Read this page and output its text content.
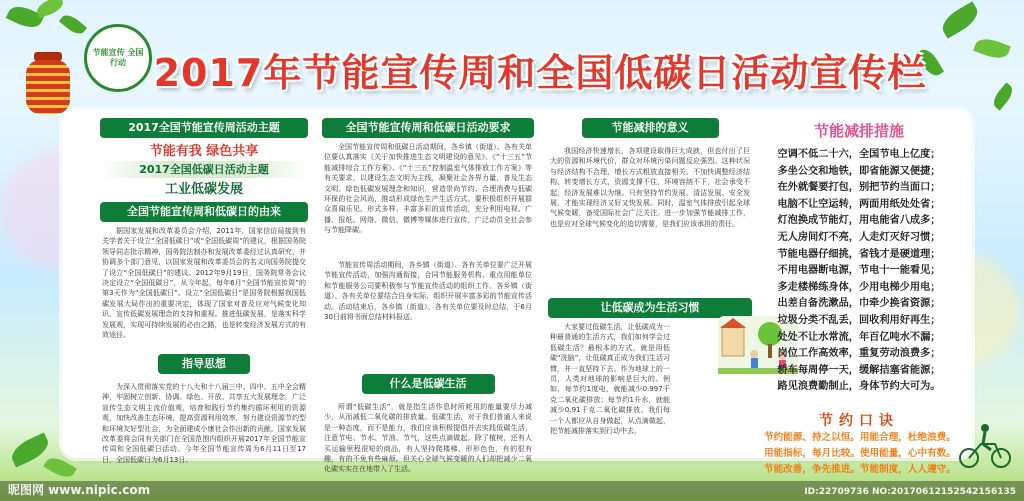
节能宣传 全国行动 2017年节能宣传周和全国低碳日活动宣传栏
2017全国节能宣传周活动主题
节能有我 绿色共享
2017全国低碳日活动主题
工业低碳发展
全国节能宣传周和低碳日的由来
据国家发展和改革委员会介绍，2011年，国家信访局接到有关学者关于设立“全国低碳日”或“全国低碳周”的建议，根据国务院领导同志批示精神，国务院法制办和发展改革委经过认真研究，并协调多个部门意见，以国家发展和改革委员会的名义向国务院提交了设立“全国低碳日”的建议。2012年9月19日，国务院常务会议决定设立“全国低碳日”，从今年起，每年6月“全国节能宣传周”的第3天作为“全国低碳日”。设立“全国低碳日”是国务院根据我国低碳发展大局作出的重要决定，体现了国家对普及应对气候变化知识，宣传低碳发展理念的支持和重视。推进低碳发展，是落实科学发展观，实现可持续发展的必由之路，也是转变经济发展方式的有效途径。
指导思想
为深入贯彻落实党的十八大和十八届三中、四中、五中全会精神，牢固树立创新、协调、绿色、开放、共享五大发展理念，广泛宣传生态文明主流价值观，培育和践行节约集约循环利用的资源观，加快改善生态环境，提高资源利用效率，努力建设资源节约型和环境友好型社会，为全面建成小康社会作出新的贡献。国家发展改革委将会同有关部门在全国范围内组织开展2017年全国节能宣传周和全国低碳日活动。今年全国节能宣传周为6月11日至17日，全国低碳日为6月13日。
全国节能宣传周和低碳日活动要求
全国节能宣传周和低碳日活动期间，各乡镇（街道）、各有关单位要认真落实《关于加快推进生态文明建设的意见》、《“十三五”节能减排综合工作方案》、《“十三五”控制温室气体排放工作方案》等有关要求，以建设生态文明为主线，凝聚社会各界力量，普及生态文明、绿色低碳发展理念和知识，营造崇尚节约、合理消费与低碳环保的社会风尚，推动形成绿色生产生活方式。要积极组织开展群众喜闻乐见、形式多样、丰富多彩的宣传活动，充分利用电视、广播、报纸、网络、微信、微博等媒体进行宣传，广泛动员全社会参与节能降碳。
节能宣传周活动期间，各乡镇（街道）、各有关单位要广泛开展节能宣传活动，加强沟通衔接，合同节能服务机构、重点用能单位和节能服务公司要积极参与节能宣传活动的组织工作。各乡镇（街道）、各有关单位要结合自身实际，组织开展丰富多彩的节能宣传活动。活动结束后，各乡镇（街道）、各有关单位要及时总结，于6月30日前将书面总结材料报送。
什么是低碳生活
所谓“低碳生活”，就是指生活作息时所耗用的能量要尽力减少，从而减低二氧化碳的排放量。低碳生活，对于我们普通人来说是一种态度，而不是能力，我们应该积极提倡并去实践低碳生活，注意节电、节水、节油、节气，这些点滴做起。除了植树，还有人买运输里程很短的商品，有人坚持爬楼梯，形形色色，有的很有趣，有的不免有些麻烦。但关心全球气候变暖的人们却把减少二氧化碳实实在在地带入了生活。
节能减排的意义
我国经济快速增长，各项建设取得巨大成就，但也付出了巨大的资源和环境代价，群众对环境污染问题反应强烈。这种状况与经济结构不合理、增长方式粗放直接相关。不加快调整经济结构、转变增长方式，资源支撑不住，环境容纳不下，社会承受不起，经济发展难以为继。只有坚持节约发展、清洁发展、安全发展，才能实现经济又好又快发展。同时，温室气体排放引起全球气候变暖，备受国际社会广泛关注。进一步加强节能减排工作，也是应对全球气候变化的迫切需要，是我们应该承担的责任。
让低碳成为生活习惯
大家要过低碳生活，让低碳成为一种最普通的生活方式，我们如何学会过低碳生活？最根本的方式，就是用低碳“洗脑”，让低碳真正成为我们生活习惯，并一直坚持下去。作为地球上的一员，人类对地球的影响是巨大的。例如，每节约1度电，就能减少0.997千克二氧化碳排放；每节约1升水，就能减少0.91千克二氧化碳排放。我们每一个人都应从自身做起，从点滴做起，把节能减排落实到行动中去。
节能减排措施
空调不低二十六，全国节电上亿度；
多坐公交和地铁，即省能源又便捷；
在外就餐要打包，别把节约当面口；
电脑不让空运转，两面用纸处处省；
灯泡换成节能灯，用电能省八成多；
无人房间灯不亮，人走灯灭好习惯；
节能电器仔细挑，省钱才是硬道理；
不用电器断电源，节电十一能看见；
多走楼梯练身体，少用电梯少用电；
出差自备洗漱品，巾牵少换省资源；
垃圾分类不乱丢，回收利用好再生；
处处不让水常流，年百亿吨水不漏；
岗位工作高效率，重复劳动浪费多；
轿车每周停一天，缓解拮塞省能源；
路见浪费勤制止，身体节约大可为。
节约口诀
节约能源、持之以恒。用能合理，杜绝浪费。
用能指标，每月比较。使用能量，心中有数。
节能改善，争先推进。节能制度，人人遵守。
昵图网 www.nipic.com	ID:22709736 NO:20170612152542156135
